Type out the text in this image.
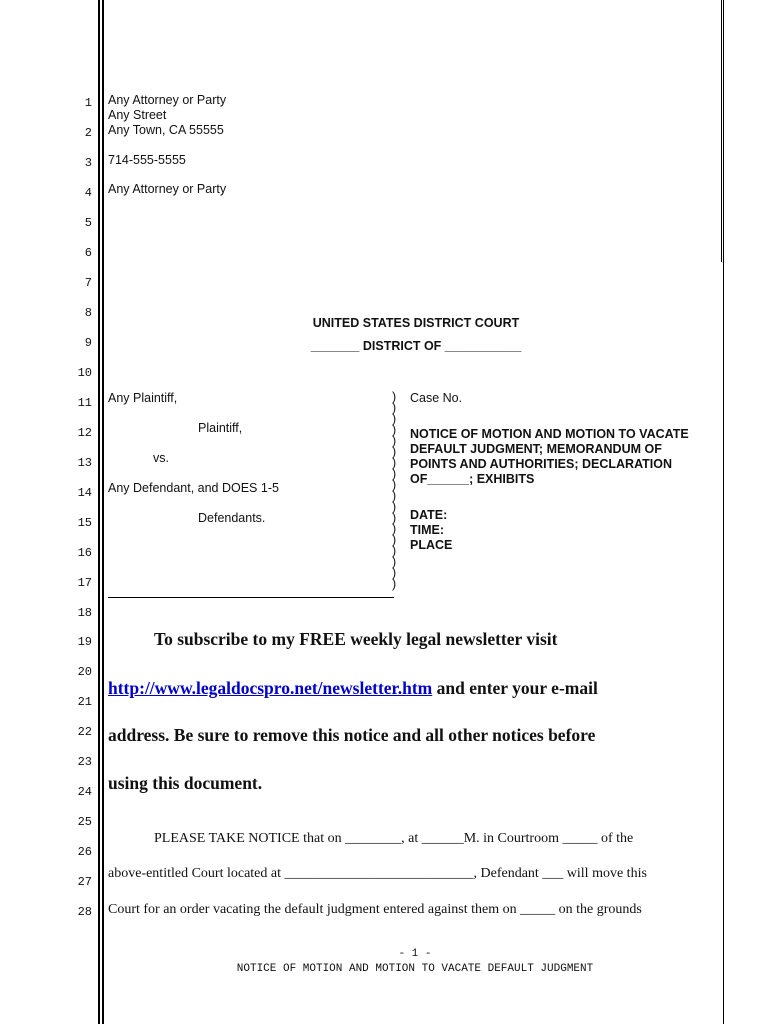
1
2
3
4
5
6
7
8
9
10
11
12
13
14
15
16
17
18
19
20
21
22
23
24
25
26
27
28
Any Attorney or Party
Any Street
Any Town, CA 55555
714-555-5555
Any Attorney or Party
UNITED STATES DISTRICT COURT
_______ DISTRICT OF ___________
Any Plaintiff,
Plaintiff,
vs.
Any Defendant, and DOES 1-5
Defendants.
)
)
)
)
)
)
)
)
)
)
)
)
)
)
)
)
)
)
Case No.
NOTICE OF MOTION AND MOTION TO VACATE
DEFAULT JUDGMENT; MEMORANDUM OF
POINTS AND AUTHORITIES; DECLARATION
OF______; EXHIBITS
DATE:
TIME:
PLACE
To subscribe to my FREE weekly legal newsletter visit
http://www.legaldocspro.net/newsletter.htm and enter your e-mail
address. Be sure to remove this notice and all other notices before
using this document.
PLEASE TAKE NOTICE that on ________, at ______M. in Courtroom _____ of the
above-entitled Court located at ___________________________, Defendant ___ will move this
Court for an order vacating the default judgment entered against them on _____ on the grounds
- 1 -
NOTICE OF MOTION AND MOTION TO VACATE DEFAULT JUDGMENT
